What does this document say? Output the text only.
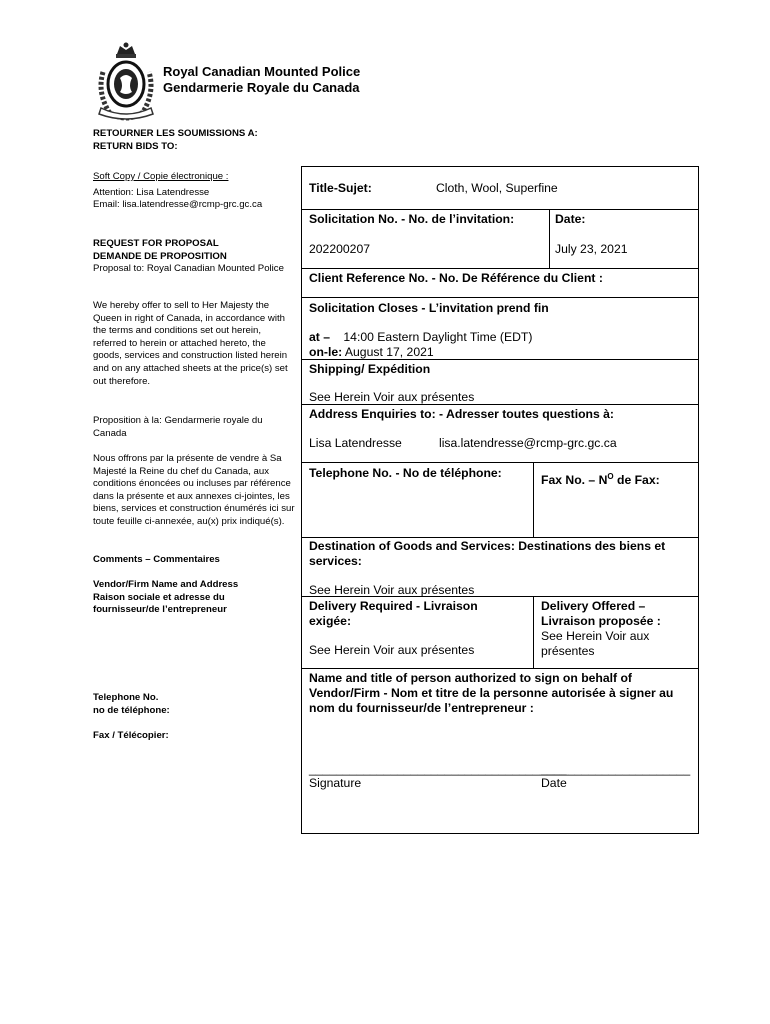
Royal Canadian Mounted Police
Gendarmerie Royale du Canada
RETOURNER LES SOUMISSIONS A:
RETURN BIDS TO:
Soft Copy / Copie électronique :
Attention: Lisa Latendresse
Email: lisa.latendresse@rcmp-grc.gc.ca
REQUEST FOR PROPOSAL
DEMANDE DE PROPOSITION
Proposal to: Royal Canadian Mounted Police
We hereby offer to sell to Her Majesty the Queen in right of Canada, in accordance with the terms and conditions set out herein, referred to herein or attached hereto, the goods, services and construction listed herein and on any attached sheets at the price(s) set out therefore.
Proposition à la: Gendarmerie royale du Canada
Nous offrons par la présente de vendre à Sa Majesté la Reine du chef du Canada, aux conditions énoncées ou incluses par référence dans la présente et aux annexes ci-jointes, les biens, services et construction énumérés ici sur toute feuille ci-annexée, au(x) prix indiqué(s).
Comments – Commentaires
Vendor/Firm Name and Address
Raison sociale et adresse du
fournisseur/de l’entrepreneur
Telephone No.
no de téléphone:
Fax / Télécopier:
Title-Sujet:	Cloth, Wool, Superfine
Solicitation No. - No. de l’invitation:	Date:
202200207	July 23, 2021
Client Reference No. - No. De Référence du Client :
Solicitation Closes - L’invitation prend fin
at – 14:00 Eastern Daylight Time (EDT)
on-le: August 17, 2021
Shipping/ Expédition
See Herein Voir aux présentes
Address Enquiries to: - Adresser toutes questions à:
Lisa Latendresse	lisa.latendresse@rcmp-grc.gc.ca
Telephone No. - No de téléphone:
Fax No. – $N^O$ de Fax:
Destination of Goods and Services: Destinations des biens et services:
See Herein Voir aux présentes
Delivery Required - Livraison exigée:
See Herein Voir aux présentes
Delivery Offered – Livraison proposée :
See Herein Voir aux présentes
Name and title of person authorized to sign on behalf of Vendor/Firm - Nom et titre de la personne autorisée à signer au nom du fournisseur/de l’entrepreneur :
______________________________________
______________________
Signature	Date
